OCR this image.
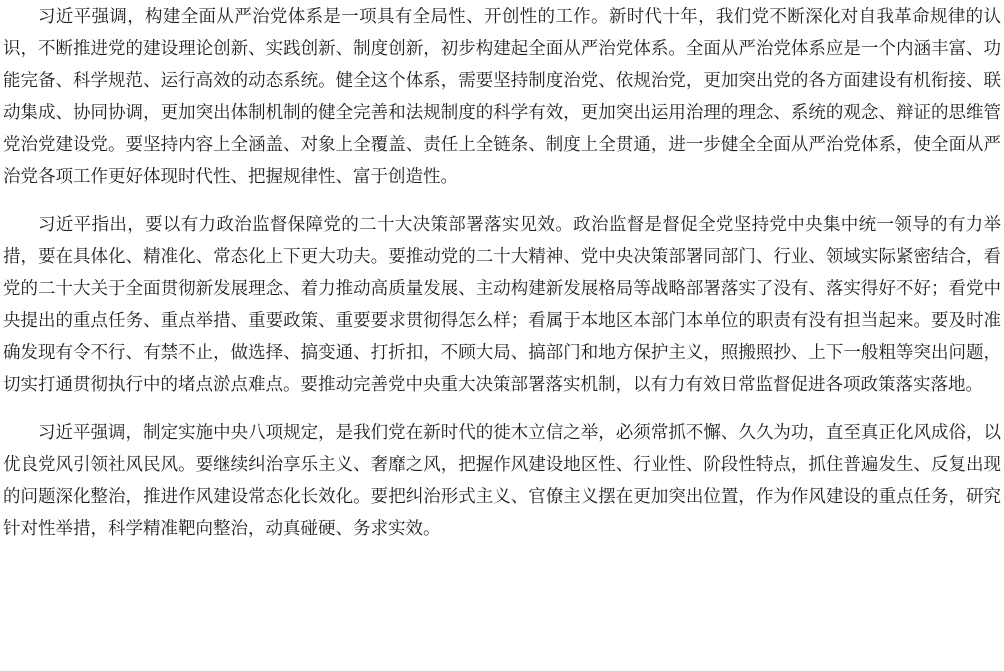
习近平强调，构建全面从严治党体系是一项具有全局性、开创性的工作。新时代十年，我们党不断深化对自我革命规律的认识，不断推进党的建设理论创新、实践创新、制度创新，初步构建起全面从严治党体系。全面从严治党体系应是一个内涵丰富、功能完备、科学规范、运行高效的动态系统。健全这个体系，需要坚持制度治党、依规治党，更加突出党的各方面建设有机衔接、联动集成、协同协调，更加突出体制机制的健全完善和法规制度的科学有效，更加突出运用治理的理念、系统的观念、辩证的思维管党治党建设党。要坚持内容上全涵盖、对象上全覆盖、责任上全链条、制度上全贯通，进一步健全全面从严治党体系，使全面从严治党各项工作更好体现时代性、把握规律性、富于创造性。

习近平指出，要以有力政治监督保障党的二十大决策部署落实见效。政治监督是督促全党坚持党中央集中统一领导的有力举措，要在具体化、精准化、常态化上下更大功夫。要推动党的二十大精神、党中央决策部署同部门、行业、领域实际紧密结合，看党的二十大关于全面贯彻新发展理念、着力推动高质量发展、主动构建新发展格局等战略部署落实了没有、落实得好不好；看党中央提出的重点任务、重点举措、重要政策、重要要求贯彻得怎么样；看属于本地区本部门本单位的职责有没有担当起来。要及时准确发现有令不行、有禁不止，做选择、搞变通、打折扣，不顾大局、搞部门和地方保护主义，照搬照抄、上下一般粗等突出问题，切实打通贯彻执行中的堵点淤点难点。要推动完善党中央重大决策部署落实机制，以有力有效日常监督促进各项政策落实落地。

习近平强调，制定实施中央八项规定，是我们党在新时代的徙木立信之举，必须常抓不懈、久久为功，直至真正化风成俗，以优良党风引领社风民风。要继续纠治享乐主义、奢靡之风，把握作风建设地区性、行业性、阶段性特点，抓住普遍发生、反复出现的问题深化整治，推进作风建设常态化长效化。要把纠治形式主义、官僚主义摆在更加突出位置，作为作风建设的重点任务，研究针对性举措，科学精准靶向整治，动真碰硬、务求实效。
